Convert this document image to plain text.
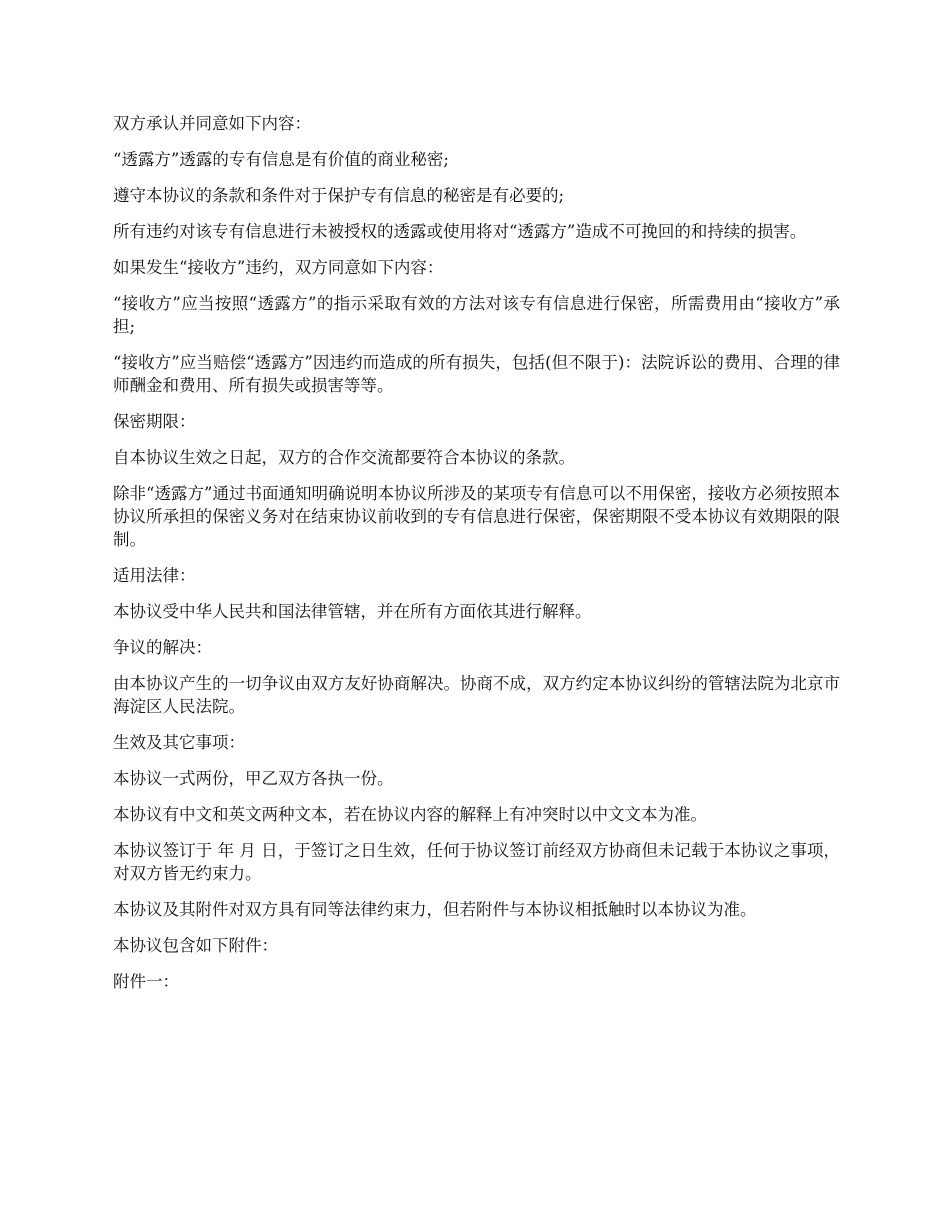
双方承认并同意如下内容：

“透露方”透露的专有信息是有价值的商业秘密;

遵守本协议的条款和条件对于保护专有信息的秘密是有必要的;

所有违约对该专有信息进行未被授权的透露或使用将对“透露方”造成不可挽回的和持续的损害。

如果发生“接收方”违约，双方同意如下内容：

“接收方”应当按照“透露方”的指示采取有效的方法对该专有信息进行保密，所需费用由“接收方”承担;

“接收方”应当赔偿“透露方”因违约而造成的所有损失，包括(但不限于)：法院诉讼的费用、合理的律师酬金和费用、所有损失或损害等等。

保密期限：

自本协议生效之日起，双方的合作交流都要符合本协议的条款。

除非“透露方”通过书面通知明确说明本协议所涉及的某项专有信息可以不用保密，接收方必须按照本协议所承担的保密义务对在结束协议前收到的专有信息进行保密，保密期限不受本协议有效期限的限制。

适用法律：

本协议受中华人民共和国法律管辖，并在所有方面依其进行解释。

争议的解决：

由本协议产生的一切争议由双方友好协商解决。协商不成，双方约定本协议纠纷的管辖法院为北京市海淀区人民法院。

生效及其它事项：

本协议一式两份，甲乙双方各执一份。

本协议有中文和英文两种文本，若在协议内容的解释上有冲突时以中文文本为准。

本协议签订于 年 月 日，于签订之日生效，任何于协议签订前经双方协商但未记载于本协议之事项，对双方皆无约束力。

本协议及其附件对双方具有同等法律约束力，但若附件与本协议相抵触时以本协议为准。

本协议包含如下附件：

附件一：
